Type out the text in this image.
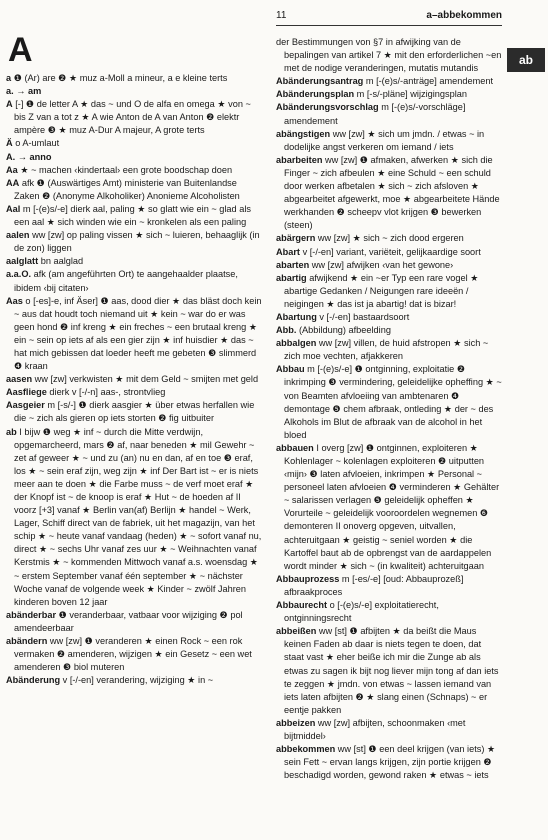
11	a–abbekommen
ab
A

a ❶ (Ar) are ❷ ★ muz a-Moll a mineur, a e kleine terts

a. → am

A [-] ❶ de letter A ★ das ~ und O de alfa en omega ★ von ~ bis Z van a tot z ★ A wie Anton de A van Anton ❷ elektr ampère ❸ ★ muz A-Dur A majeur, A grote terts

Ä o A-umlaut

A. → anno

Aa ★ ~ machen ‹kindertaal› een grote boodschap doen

AA afk ❶ (Auswärtiges Amt) ministerie van Buitenlandse Zaken ❷ (Anonyme Alkoholiker) Anonieme Alcoholisten

Aal m [-(e)s/-e] dierk aal, paling ★ so glatt wie ein ~ glad als een aal ★ sich winden wie ein ~ kronkelen als een paling

aalen ww [zw] op paling vissen ★ sich ~ luieren, behaaglijk (in de zon) liggen

aalglatt bn aalglad

a.a.O. afk (am angeführten Ort) te aangehaalder plaatse, ibidem ‹bij citaten›

Aas o [-es]-e, inf Äser] ❶ aas, dood dier ★ das bläst doch kein ~ aus dat houdt toch niemand uit ★ kein ~ war do er was geen hond ❷ inf kreng ★ ein freches ~ een brutaal kreng ★ ein ~ sein op iets af als een gier zijn ★ inf huisdier ★ das ~ hat mich gebissen dat loeder heeft me gebeten ❸ slimmerd ❹ kraan

aasen ww [zw] verkwisten ★ mit dem Geld ~ smijten met geld

Aasfliege dierk v [-/-n] aas-, strontvlieg

Aasgeier m [-s/-] ❶ dierk aasgier ★ über etwas herfallen wie die ~ zich als gieren op iets storten ❷ fig uitbuiter

ab I bijw ❶ weg ★ inf ~ durch die Mitte verdwijn, opgemarcheerd, mars ❷ af, naar beneden ★ mil Gewehr ~ zet af geweer ★ ~ und zu (an) nu en dan, af en toe ❸ eraf, los ★ ~ sein eraf zijn, weg zijn ★ inf Der Bart ist ~ er is niets meer aan te doen ★ die Farbe muss ~ de verf moet eraf ★ der Knopf ist ~ de knoop is eraf ★ Hut ~ de hoeden af II voorz [+3] vanaf ★ Berlin van(af) Berlijn ★ handel ~ Werk, Lager, Schiff direct van de fabriek, uit het magazijn, van het schip ★ ~ heute vanaf vandaag (heden) ★ ~ sofort vanaf nu, direct ★ ~ sechs Uhr vanaf zes uur ★ ~ Weihnachten vanaf Kerstmis ★ ~ kommenden Mittwoch vanaf a.s. woensdag ★ ~ erstem September vanaf één september ★ ~ nächster Woche vanaf de volgende week ★ Kinder ~ zwölf Jahren kinderen boven 12 jaar

abänderbar ❶ veranderbaar, vatbaar voor wijziging ❷ pol amendeerbaar

abändern ww [zw] ❶ veranderen ★ einen Rock ~ een rok vermaken ❷ amenderen, wijzigen ★ ein Gesetz ~ een wet amenderen ❸ biol muteren

Abänderung v [-/-en] verandering, wijziging ★ in ~

der Bestimmungen von §7 in afwijking van de bepalingen van artikel 7 ★ mit den erforderlichen ~en met de nodige veranderingen, mutatis mutandis

Abänderungsantrag m [-(e)s/-anträge] amendement

Abänderungsplan m [-s/-pläne] wijzigingsplan

Abänderungsvorschlag m [-(e)s/-vorschläge] amendement

abängstigen ww [zw] ★ sich um jmdn. / etwas ~ in dodelijke angst verkeren om iemand / iets

abarbeiten ww [zw] ❶ afmaken, afwerken ★ sich die Finger ~ zich afbeulen ★ eine Schuld ~ een schuld door werken afbetalen ★ sich ~ zich afsloven ★ abgearbeitet afgewerkt, moe ★ abgearbeitete Hände werkhanden ❷ scheepv vlot krijgen ❸ bewerken (steen)

abärgern ww [zw] ★ sich ~ zich dood ergeren

Abart v [-/-en] variant, variëteit, gelijkaardige soort

abarten ww [zw] afwijken ‹van het gewone›

abartig afwijkend ★ ein ~er Typ een rare vogel ★ abartige Gedanken / Neigungen rare ideeën / neigingen ★ das ist ja abartig! dat is bizar!

Abartung v [-/-en] bastaardsoort

Abb. (Abbildung) afbeelding

abbalgen ww [zw] villen, de huid afstropen ★ sich ~ zich moe vechten, afjakkeren

Abbau m [-(e)s/-e] ❶ ontginning, exploitatie ❷ inkrimping ❸ vermindering, geleidelijke opheffing ★ ~ von Beamten afvloeiing van ambtenaren ❹ demontage ❺ chem afbraak, ontleding ★ der ~ des Alkohols im Blut de afbraak van de alcohol in het bloed

abbauen I overg [zw] ❶ ontginnen, exploiteren ★ Kohlenlager ~ kolenlagen exploiteren ❷ uitputten ‹mijn› ❸ laten afvloeien, inkrimpen ★ Personal ~ personeel laten afvloeien ❹ verminderen ★ Gehälter ~ salarissen verlagen ❺ geleidelijk opheffen ★ Vorurteile ~ geleidelijk vooroordelen wegnemen ❻ demonteren II onoverg opgeven, uitvallen, achteruitgaan ★ geistig ~ seniel worden ★ die Kartoffel baut ab de opbrengst van de aardappelen wordt minder ★ sich ~ (in kwaliteit) achteruitgaan

Abbauprozess m [-es/-e] [oud: Abbauprozeß] afbraakproces

Abbaurecht o [-(e)s/-e] exploitatierecht, ontginningsrecht

abbeißen ww [st] ❶ afbijten ★ da beißt die Maus keinen Faden ab daar is niets tegen te doen, dat staat vast ★ eher beiße ich mir die Zunge ab als etwas zu sagen ik bijt nog liever mijn tong af dan iets te zeggen ★ jmdn. von etwas ~ lassen iemand van iets laten afbijten ❷ ★ slang einen (Schnaps) ~ er eentje pakken

abbeizen ww [zw] afbijten, schoonmaken ‹met bijtmiddel›

abbekommen ww [st] ❶ een deel krijgen (van iets) ★ sein Fett ~ ervan langs krijgen, zijn portie krijgen ❷ beschadigd worden, gewond raken ★ etwas ~ iets
